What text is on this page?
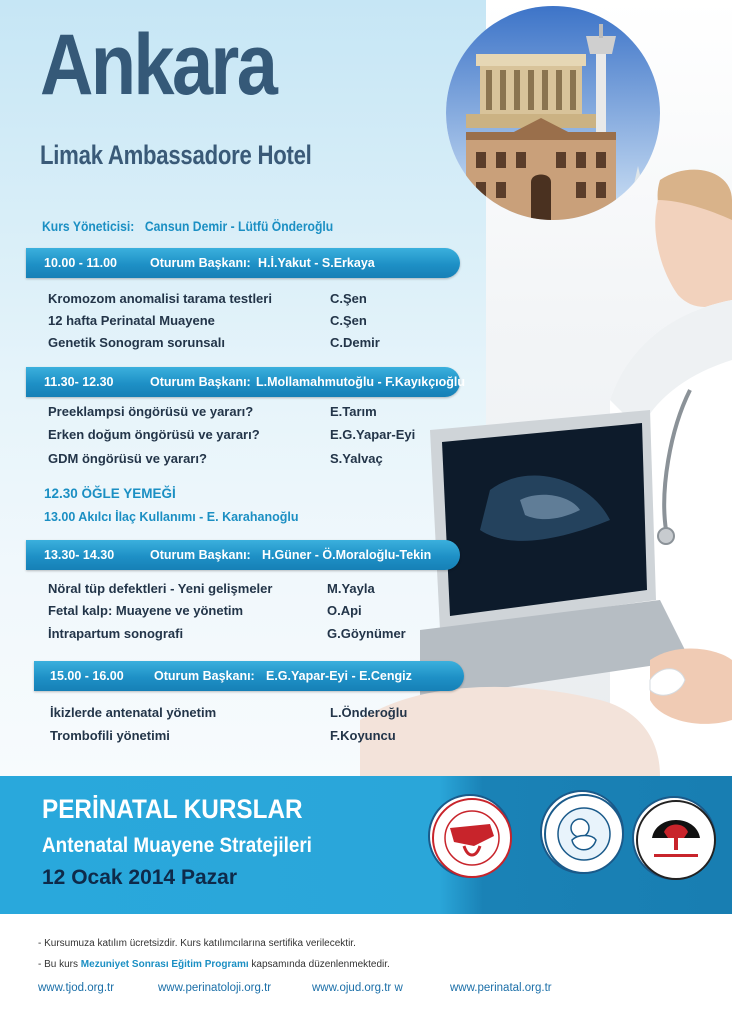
Ankara
Limak Ambassadore Hotel
Kurs Yöneticisi: Cansun Demir - Lütfü Önderoğlu
10.00 - 11.00	Oturum Başkanı: H.İ.Yakut - S.Erkaya
Kromozom anomalisi tarama testleri	C.Şen
12 hafta Perinatal Muayene	C.Şen
Genetik Sonogram sorunsalı	C.Demir
11.30- 12.30	Oturum Başkanı: L.Mollamahmutoğlu - F.Kayıkçıoğlu
Preeklampsi öngörüsü ve yararı?	E.Tarım
Erken doğum öngörüsü ve yararı?	E.G.Yapar-Eyi
GDM öngörüsü ve yararı?	S.Yalvaç
12.30 ÖĞLE YEMEĞİ
13.00 Akılcı İlaç Kullanımı - E. Karahanoğlu
13.30- 14.30	Oturum Başkanı: H.Güner - Ö.Moraloğlu-Tekin
Nöral tüp defektleri - Yeni gelişmeler	M.Yayla
Fetal kalp: Muayene ve yönetim	O.Api
İntrapartum sonografi	G.Göynümer
15.00 - 16.00 Oturum Başkanı: E.G.Yapar-Eyi - E.Cengiz
İkizlerde antenatal yönetim	L.Önderoğlu
Trombofili yönetimi	F.Koyuncu
PERİNATAL KURSLAR
Antenatal Muayene Stratejileri
12 Ocak 2014 Pazar
- Kursumuza katılım ücretsizdir. Kurs katılımcılarına sertifika verilecektir.
- Bu kurs Mezuniyet Sonrası Eğitim Programı kapsamında düzenlenmektedir.
www.tjod.org.tr	www.perinatoloji.org.tr	www.ojud.org.tr w	www.perinatal.org.tr
